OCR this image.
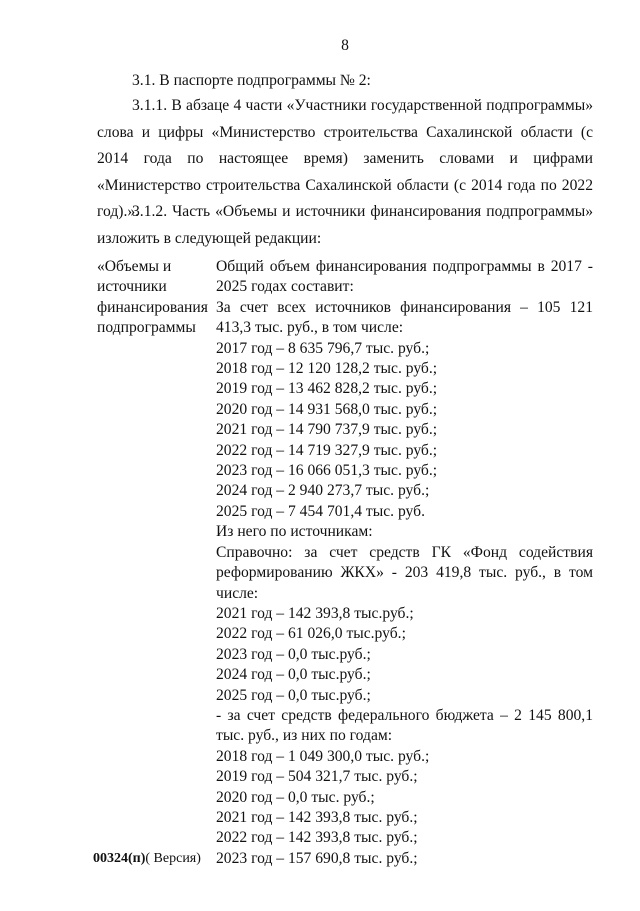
8

3.1. В паспорте подпрограммы № 2:

3.1.1. В абзаце 4 части «Участники государственной подпрограммы» слова и цифры «Министерство строительства Сахалинской области (с 2014 года по настоящее время) заменить словами и цифрами «Министерство строительства Сахалинской области (с 2014 года по 2022 год).».

3.1.2. Часть «Объемы и источники финансирования подпрограммы» изложить в следующей редакции:

«Объемы и
источники
финансирования
подпрограммы
Общий объем финансирования подпрограммы в 2017 - 2025 годах составит:
За счет всех источников финансирования – 105 121 413,3 тыс. руб., в том числе:
2017 год – 8 635 796,7 тыс. руб.;
2018 год – 12 120 128,2 тыс. руб.;
2019 год – 13 462 828,2 тыс. руб.;
2020 год – 14 931 568,0 тыс. руб.;
2021 год – 14 790 737,9 тыс. руб.;
2022 год – 14 719 327,9 тыс. руб.;
2023 год – 16 066 051,3 тыс. руб.;
2024 год – 2 940 273,7 тыс. руб.;
2025 год – 7 454 701,4 тыс. руб.
Из него по источникам:
Справочно: за счет средств ГК «Фонд содействия реформированию ЖКХ» - 203 419,8 тыс. руб., в том числе:
2021 год – 142 393,8 тыс.руб.;
2022 год – 61 026,0 тыс.руб.;
2023 год – 0,0 тыс.руб.;
2024 год – 0,0 тыс.руб.;
2025 год – 0,0 тыс.руб.;
- за счет средств федерального бюджета – 2 145 800,1 тыс. руб., из них по годам:
2018 год – 1 049 300,0 тыс. руб.;
2019 год – 504 321,7 тыс. руб.;
2020 год – 0,0 тыс. руб.;
2021 год – 142 393,8 тыс. руб.;
2022 год – 142 393,8 тыс. руб.;
2023 год – 157 690,8 тыс. руб.;
00324(п)( Версия)
